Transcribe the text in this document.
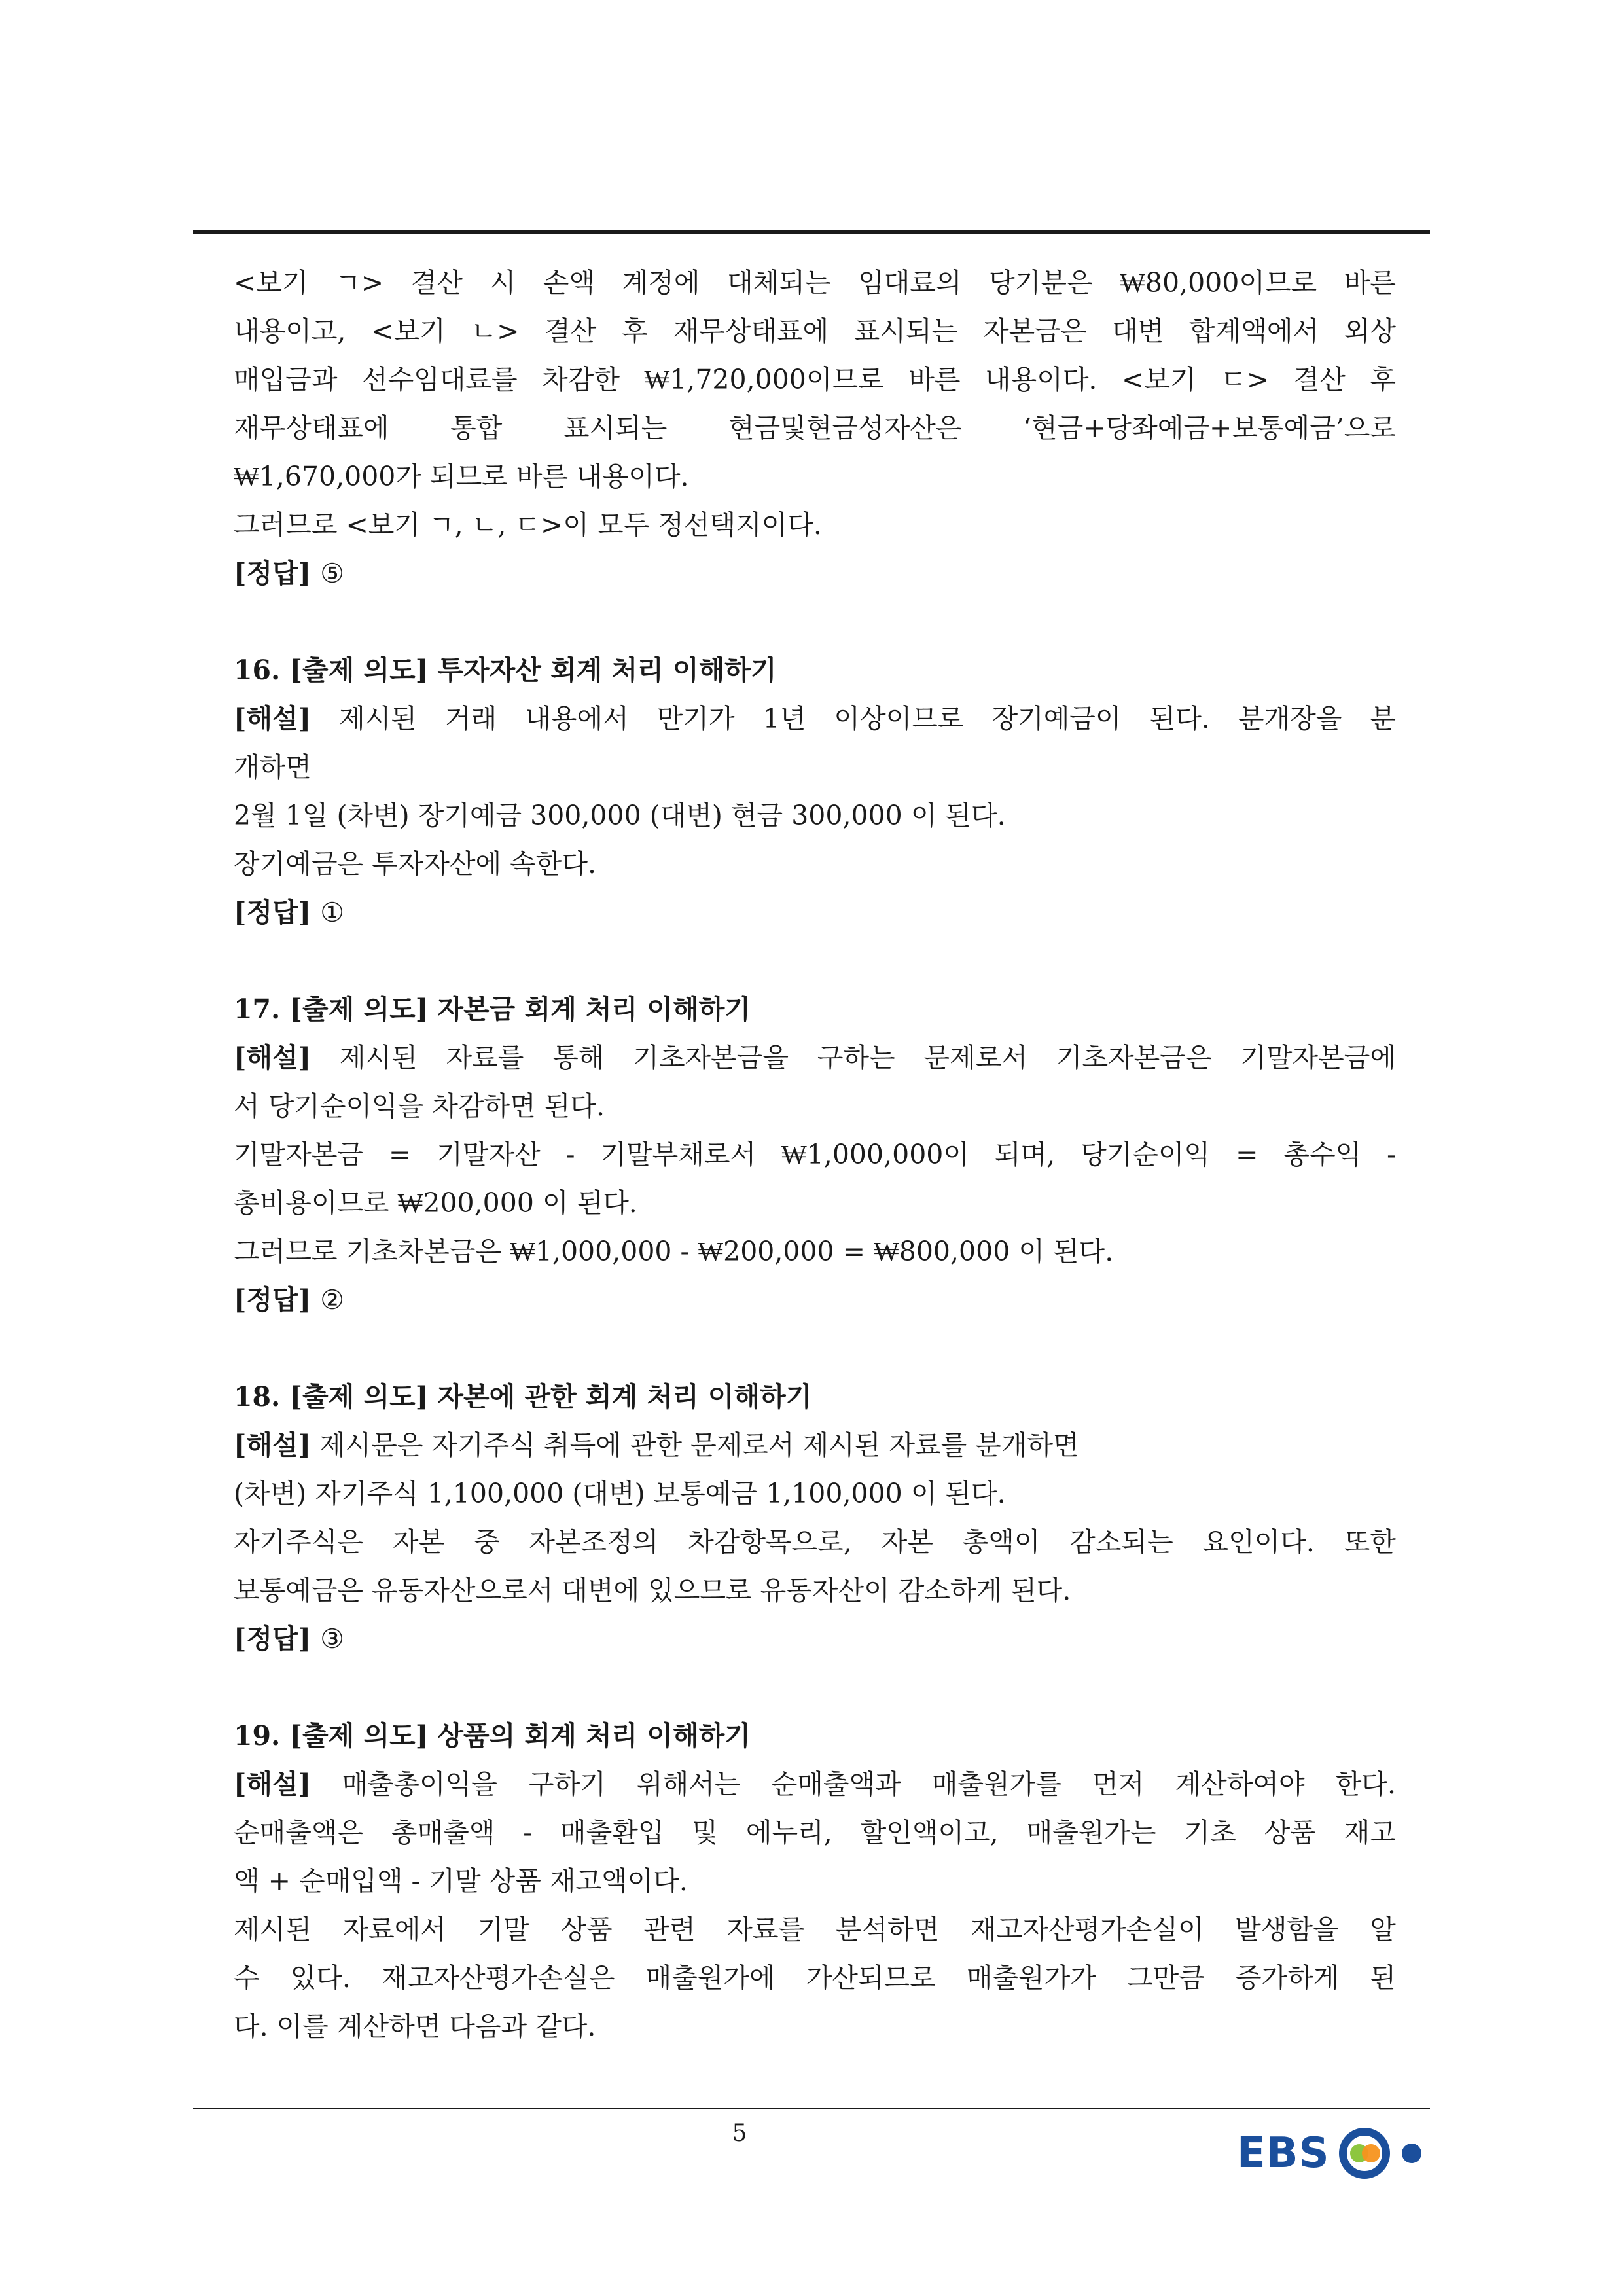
<보기 ㄱ> 결산 시 손액 계정에 대체되는 임대료의 당기분은 ₩80,000이므로 바른
내용이고, <보기 ㄴ> 결산 후 재무상태표에 표시되는 자본금은 대변 합계액에서 외상
매입금과 선수임대료를 차감한 ₩1,720,000이므로 바른 내용이다. <보기 ㄷ> 결산 후
재무상태표에 통합 표시되는 현금및현금성자산은 ‘현금+당좌예금+보통예금’으로
₩1,670,000가 되므로 바른 내용이다.
그러므로 <보기 ㄱ, ㄴ, ㄷ>이 모두 정선택지이다.
[정답] ⑤
16. [출제 의도] 투자자산 회계 처리 이해하기
[해설] 제시된 거래 내용에서 만기가 1년 이상이므로 장기예금이 된다. 분개장을 분
개하면
2월 1일 (차변) 장기예금 300,000 (대변) 현금 300,000 이 된다.
장기예금은 투자자산에 속한다.
[정답] ①
17. [출제 의도] 자본금 회계 처리 이해하기
[해설] 제시된 자료를 통해 기초자본금을 구하는 문제로서 기초자본금은 기말자본금에
서 당기순이익을 차감하면 된다.
기말자본금 = 기말자산 - 기말부채로서 ₩1,000,000이 되며, 당기순이익 = 총수익 -
총비용이므로 ₩200,000 이 된다.
그러므로 기초차본금은 ₩1,000,000 - ₩200,000 = ₩800,000 이 된다.
[정답] ②
18. [출제 의도] 자본에 관한 회계 처리 이해하기
[해설] 제시문은 자기주식 취득에 관한 문제로서 제시된 자료를 분개하면
(차변) 자기주식 1,100,000 (대변) 보통예금 1,100,000 이 된다.
자기주식은 자본 중 자본조정의 차감항목으로, 자본 총액이 감소되는 요인이다. 또한
보통예금은 유동자산으로서 대변에 있으므로 유동자산이 감소하게 된다.
[정답] ③
19. [출제 의도] 상품의 회계 처리 이해하기
[해설] 매출총이익을 구하기 위해서는 순매출액과 매출원가를 먼저 계산하여야 한다.
순매출액은 총매출액 - 매출환입 및 에누리, 할인액이고, 매출원가는 기초 상품 재고
액 + 순매입액 - 기말 상품 재고액이다.
제시된 자료에서 기말 상품 관련 자료를 분석하면 재고자산평가손실이 발생함을 알
수 있다. 재고자산평가손실은 매출원가에 가산되므로 매출원가가 그만큼 증가하게 된
다. 이를 계산하면 다음과 같다.
5	EBS
